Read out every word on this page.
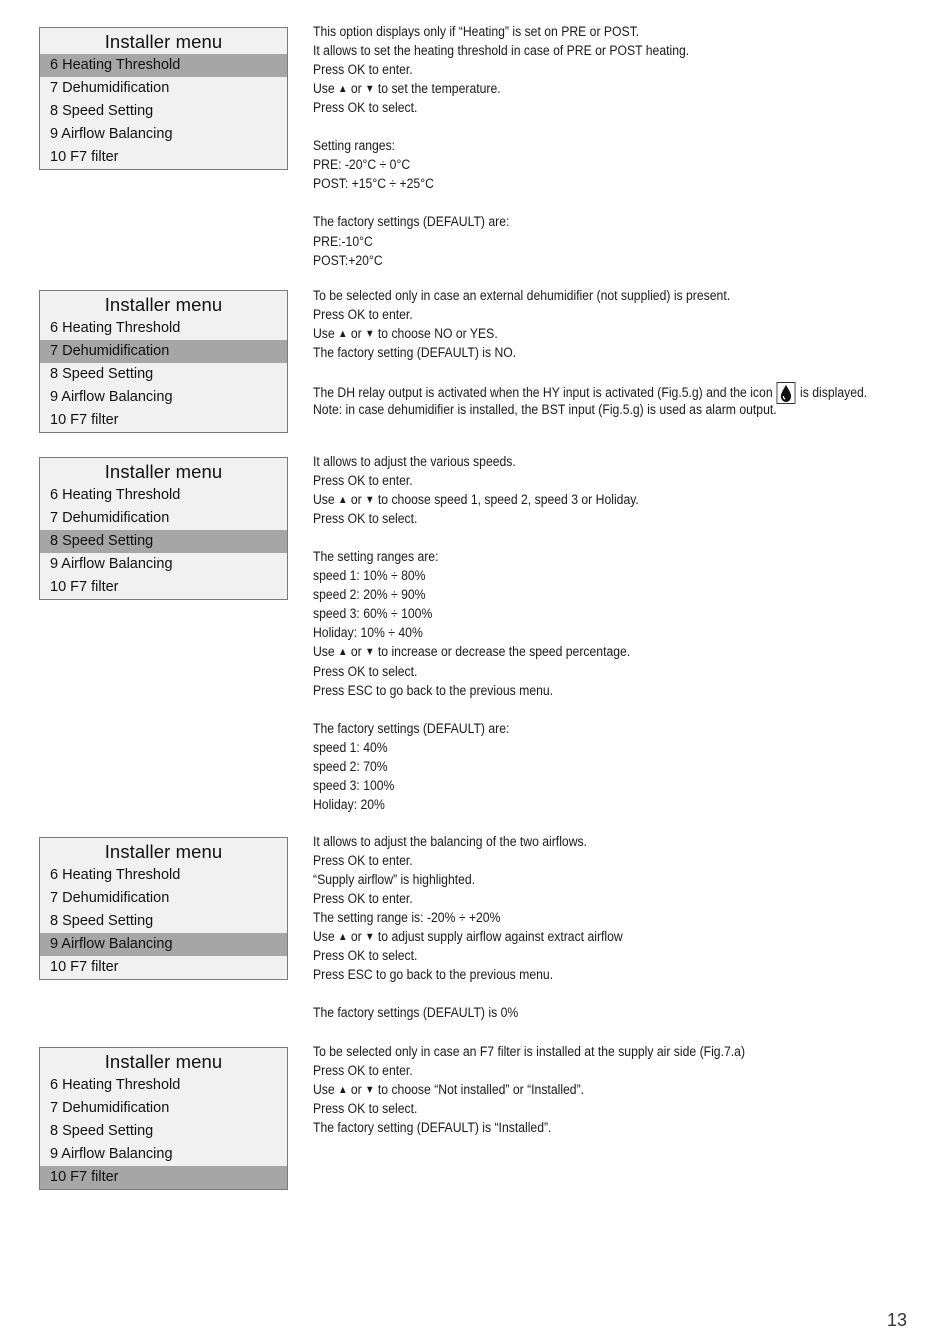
Installer menu
6 Heating Threshold
7 Dehumidification
8 Speed Setting
9 Airflow Balancing
10 F7 filter
Installer menu
6 Heating Threshold
7 Dehumidification
8 Speed Setting
9 Airflow Balancing
10 F7 filter
Installer menu
6 Heating Threshold
7 Dehumidification
8 Speed Setting
9 Airflow Balancing
10 F7 filter
Installer menu
6 Heating Threshold
7 Dehumidification
8 Speed Setting
9 Airflow Balancing
10 F7 filter
Installer menu
6 Heating Threshold
7 Dehumidification
8 Speed Setting
9 Airflow Balancing
10 F7 filter
This option displays only if “Heating” is set on PRE or POST.
It allows to set the heating threshold in case of PRE or POST heating.
Press OK to enter.
Use ▲ or ▼ to set the temperature.
Press OK to select.
Setting ranges:
PRE: -20°C ÷ 0°C
POST: +15°C ÷ +25°C
The factory settings (DEFAULT) are:
PRE:-10°C
POST:+20°C
To be selected only in case an external dehumidifier (not supplied) is present.
Press OK to enter.
Use ▲ or ▼ to choose NO or YES.
The factory setting (DEFAULT) is NO.
The DH relay output is activated when the HY input is activated (Fig.5.g) and the icon is displayed.
Note: in case dehumidifier is installed, the BST input (Fig.5.g) is used as alarm output.
It allows to adjust the various speeds.
Press OK to enter.
Use ▲ or ▼ to choose speed 1, speed 2, speed 3 or Holiday.
Press OK to select.
The setting ranges are:
speed 1: 10% ÷ 80%
speed 2: 20% ÷ 90%
speed 3: 60% ÷ 100%
Holiday: 10% ÷ 40%
Use ▲ or ▼ to increase or decrease the speed percentage.
Press OK to select.
Press ESC to go back to the previous menu.
The factory settings (DEFAULT) are:
speed 1: 40%
speed 2: 70%
speed 3: 100%
Holiday: 20%
It allows to adjust the balancing of the two airflows.
Press OK to enter.
“Supply airflow” is highlighted.
Press OK to enter.
The setting range is: -20% ÷ +20%
Use ▲ or ▼ to adjust supply airflow against extract airflow
Press OK to select.
Press ESC to go back to the previous menu.
The factory settings (DEFAULT) is 0%
To be selected only in case an F7 filter is installed at the supply air side (Fig.7.a)
Press OK to enter.
Use ▲ or ▼ to choose “Not installed” or “Installed”.
Press OK to select.
The factory setting (DEFAULT) is “Installed”.
13
